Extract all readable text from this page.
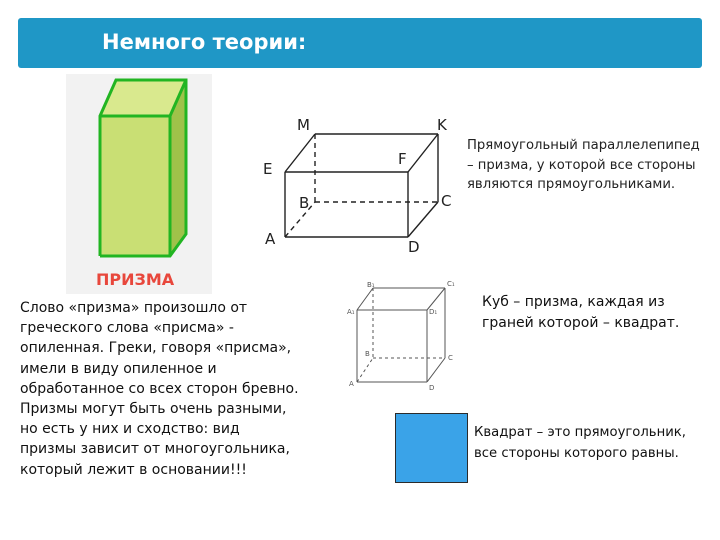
Немного теории:
ПРИЗМА
M	K
E
F
B	C
A	D
Прямоугольный параллелепипед – призма, у которой все стороны являются прямоугольниками.
Слово «призма» произошло от греческого слова «присма» - опиленная. Греки, говоря «присма», имели в виду опиленное и обработанное со всех сторон бревно. Призмы могут быть очень разными, но есть у них и сходство: вид призмы зависит от многоугольника, который лежит в основании!!!
B₁	C₁
A₁	D₁
B	C
A	D
Куб – призма, каждая из граней которой – квадрат.
Квадрат – это прямоугольник, все стороны которого равны.
